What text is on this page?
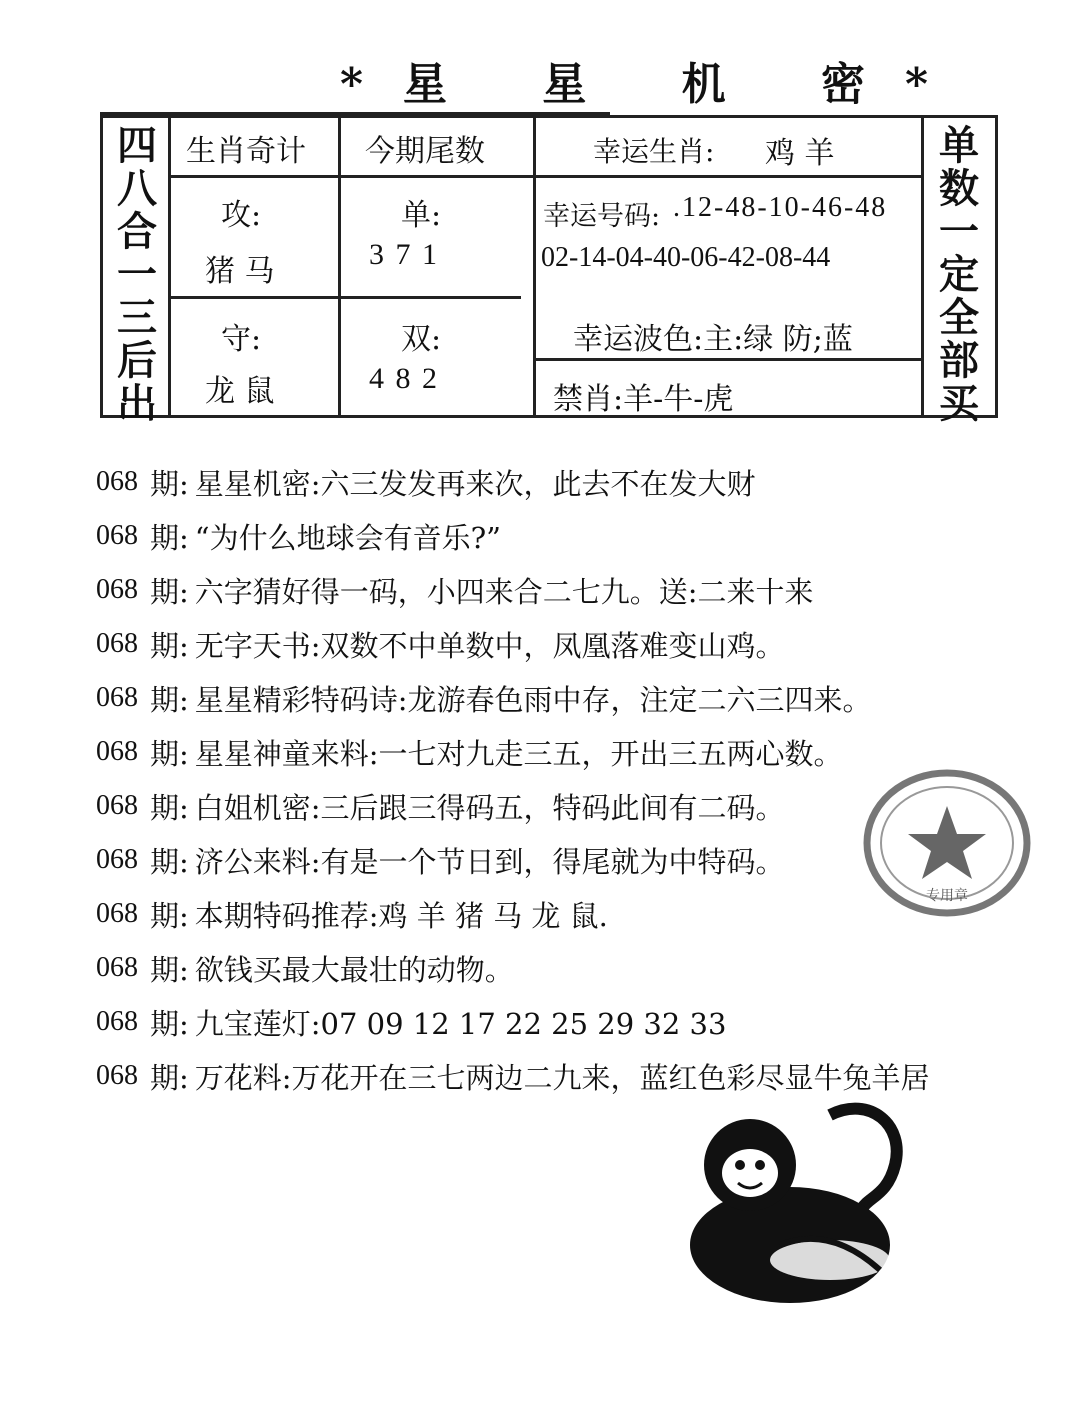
*星 星 机 密*
四
八
合
一
三
后
出
单
数
一
定
全
部
买
生肖奇计 今期尾数	幸运生肖: 鸡 羊
攻:
猪 马
守:
龙 鼠
单:
3 7 1
双:
4 8 2
幸运号码: .12-48-10-46-48
02-14-04-40-06-42-08-44
幸运波色:主:绿 防;蓝
禁肖:羊-牛-虎
068 期: 星星机密:六三发发再来次，此去不在发大财
068 期: “为什么地球会有音乐?”
068 期: 六字猜好得一码，小四来合二七九。送:二来十来
068 期: 无字天书:双数不中单数中，凤凰落难变山鸡。
068 期: 星星精彩特码诗:龙游春色雨中存，注定二六三四来。
068 期: 星星神童来料:一七对九走三五，开出三五两心数。
068 期: 白姐机密:三后跟三得码五，特码此间有二码。
068 期: 济公来料:有是一个节日到，得尾就为中特码。
068 期: 本期特码推荐:鸡 羊 猪 马 龙 鼠.
068 期: 欲钱买最大最壮的动物。
068 期: 九宝莲灯:07 09 12 17 22 25 29 32 33
068 期: 万花料:万花开在三七两边二九来，蓝红色彩尽显牛兔羊居
专用章
